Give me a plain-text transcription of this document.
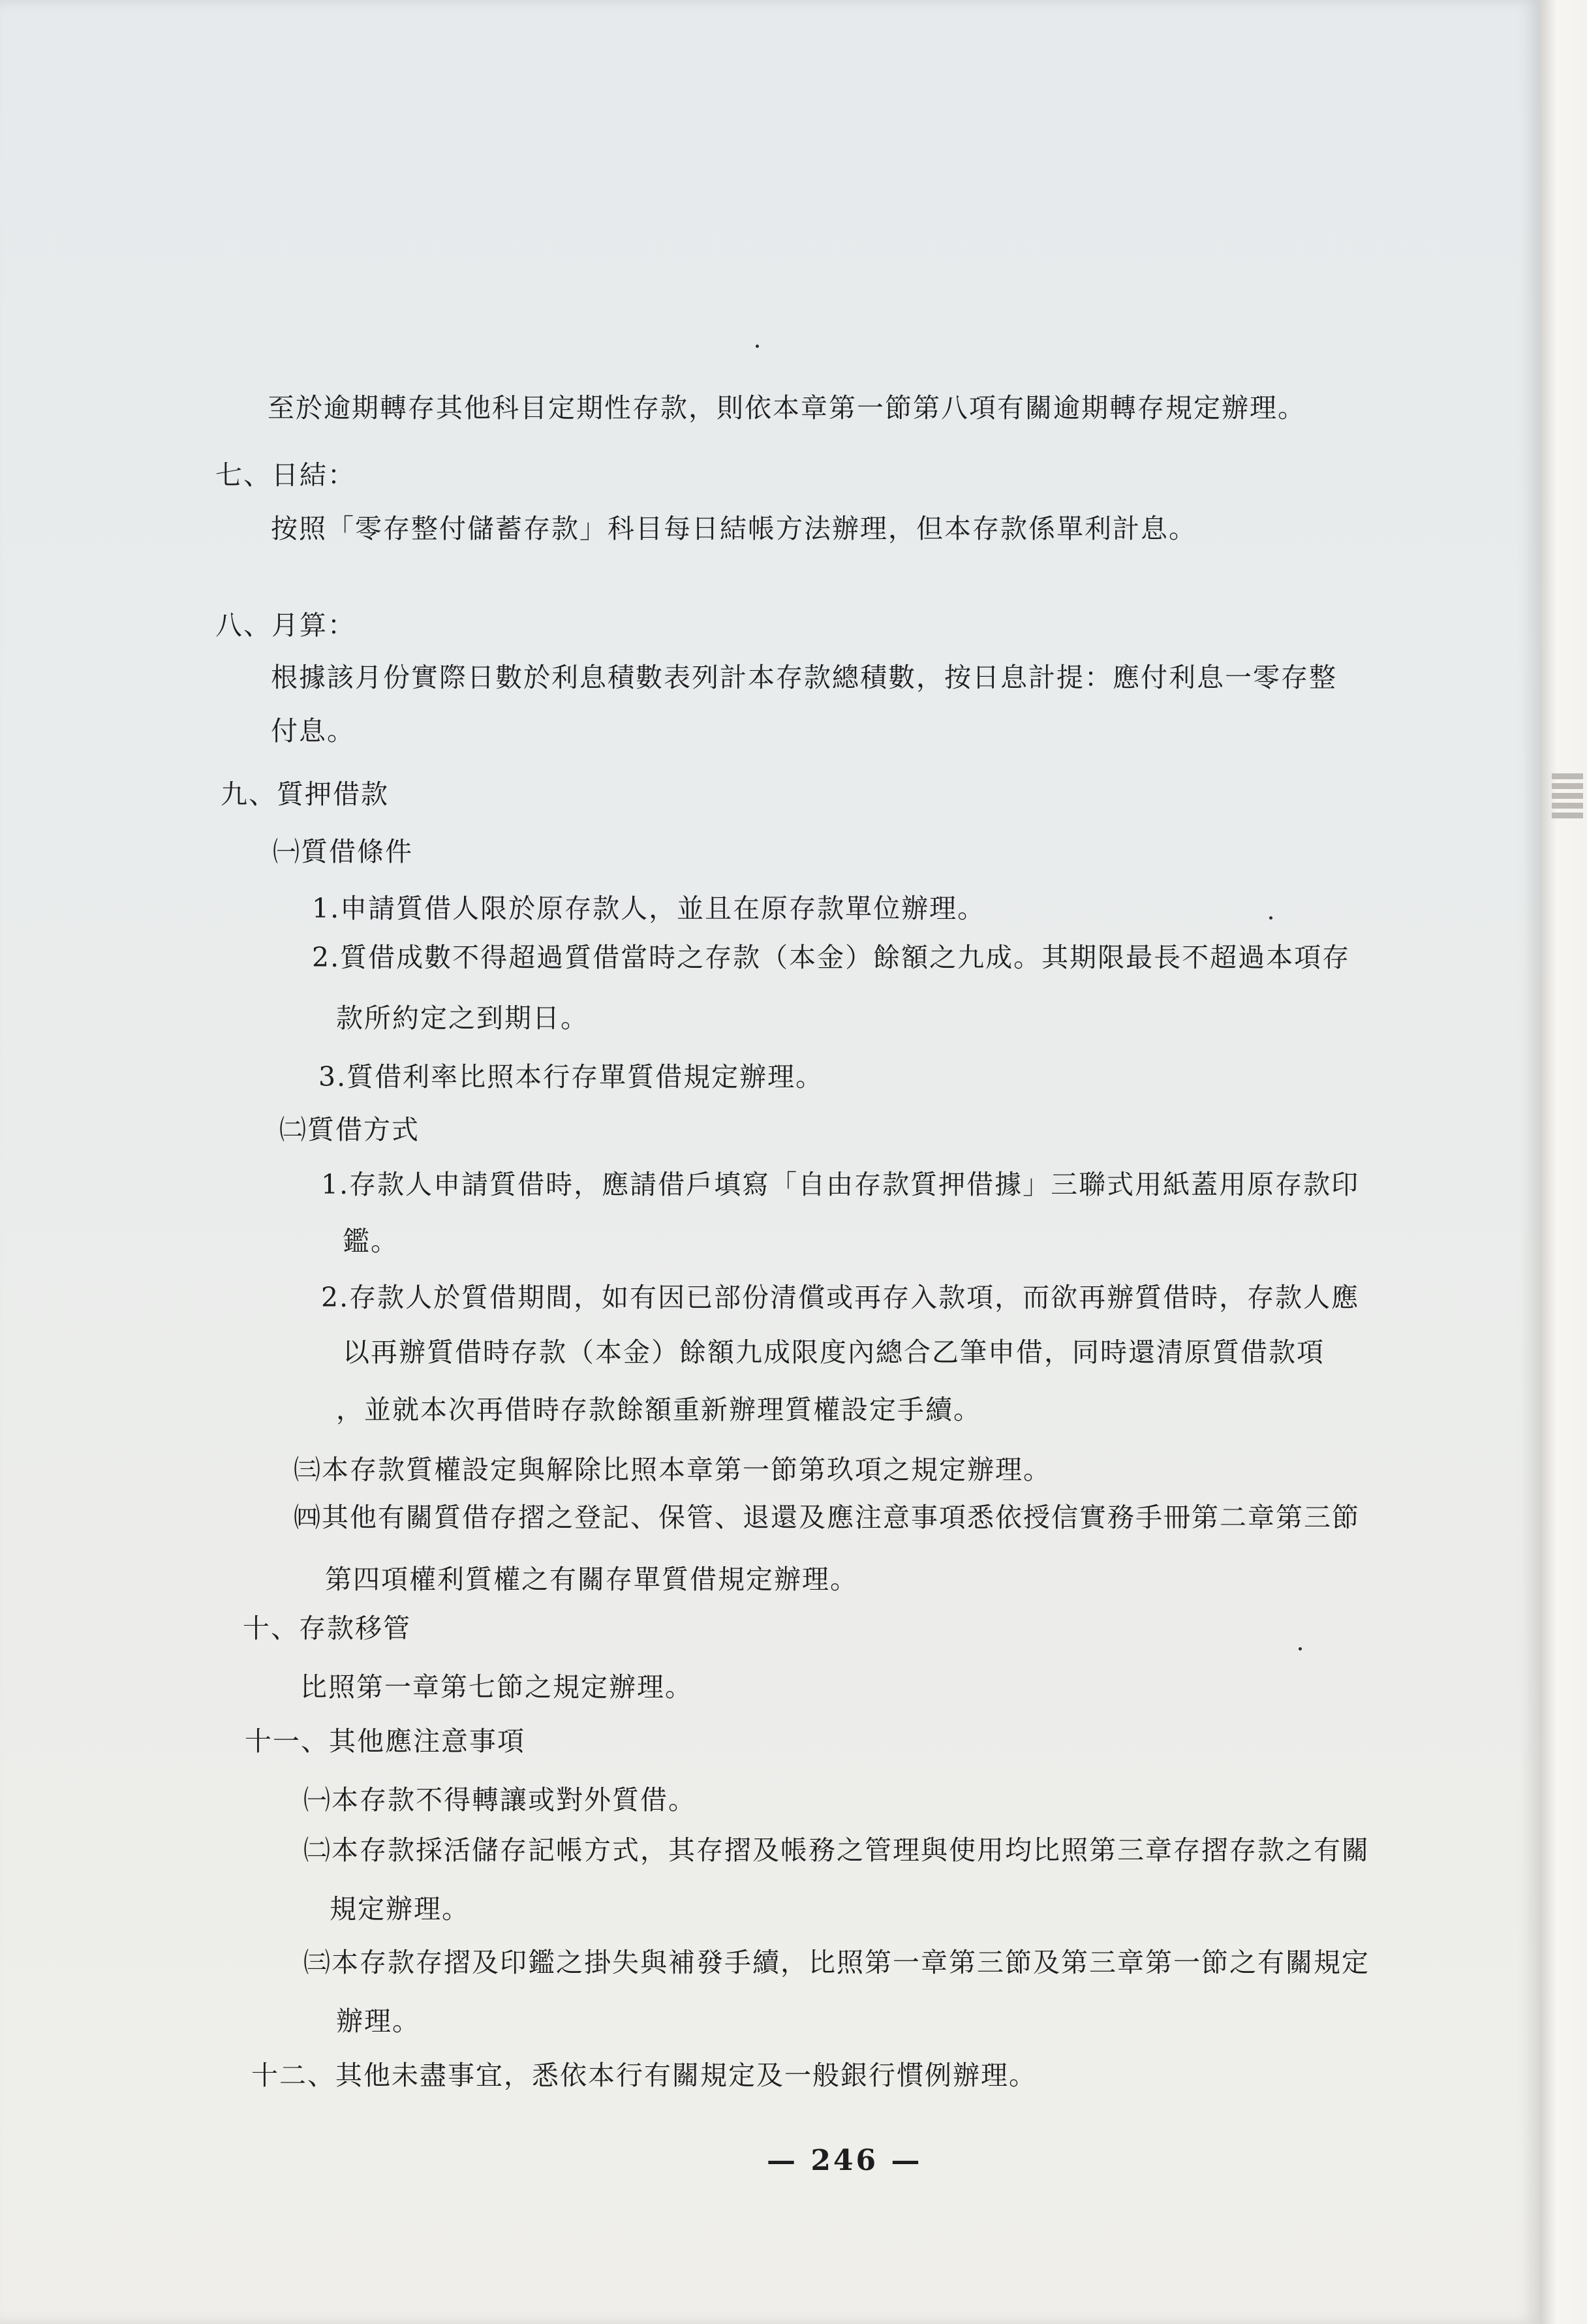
至於逾期轉存其他科目定期性存款，則依本章第一節第八項有關逾期轉存規定辦理。
七、日結：
按照「零存整付儲蓄存款」科目每日結帳方法辦理，但本存款係單利計息。
八、月算：
根據該月份實際日數於利息積數表列計本存款總積數，按日息計提：應付利息一零存整
付息。
九、質押借款
㈠質借條件
1.申請質借人限於原存款人，並且在原存款單位辦理。
2.質借成數不得超過質借當時之存款（本金）餘額之九成。其期限最長不超過本項存
款所約定之到期日。
3.質借利率比照本行存單質借規定辦理。
㈡質借方式
1.存款人申請質借時，應請借戶填寫「自由存款質押借據」三聯式用紙蓋用原存款印
鑑。
2.存款人於質借期間，如有因已部份清償或再存入款項，而欲再辦質借時，存款人應
以再辦質借時存款（本金）餘額九成限度內總合乙筆申借，同時還清原質借款項
，並就本次再借時存款餘額重新辦理質權設定手續。
㈢本存款質權設定與解除比照本章第一節第玖項之規定辦理。
㈣其他有關質借存摺之登記、保管、退還及應注意事項悉依授信實務手冊第二章第三節
第四項權利質權之有關存單質借規定辦理。
十、存款移管
比照第一章第七節之規定辦理。
十一、其他應注意事項
㈠本存款不得轉讓或對外質借。
㈡本存款採活儲存記帳方式，其存摺及帳務之管理與使用均比照第三章存摺存款之有關
規定辦理。
㈢本存款存摺及印鑑之掛失與補發手續，比照第一章第三節及第三章第一節之有關規定
辦理。
十二、其他未盡事宜，悉依本行有關規定及一般銀行慣例辦理。
— 246 —
